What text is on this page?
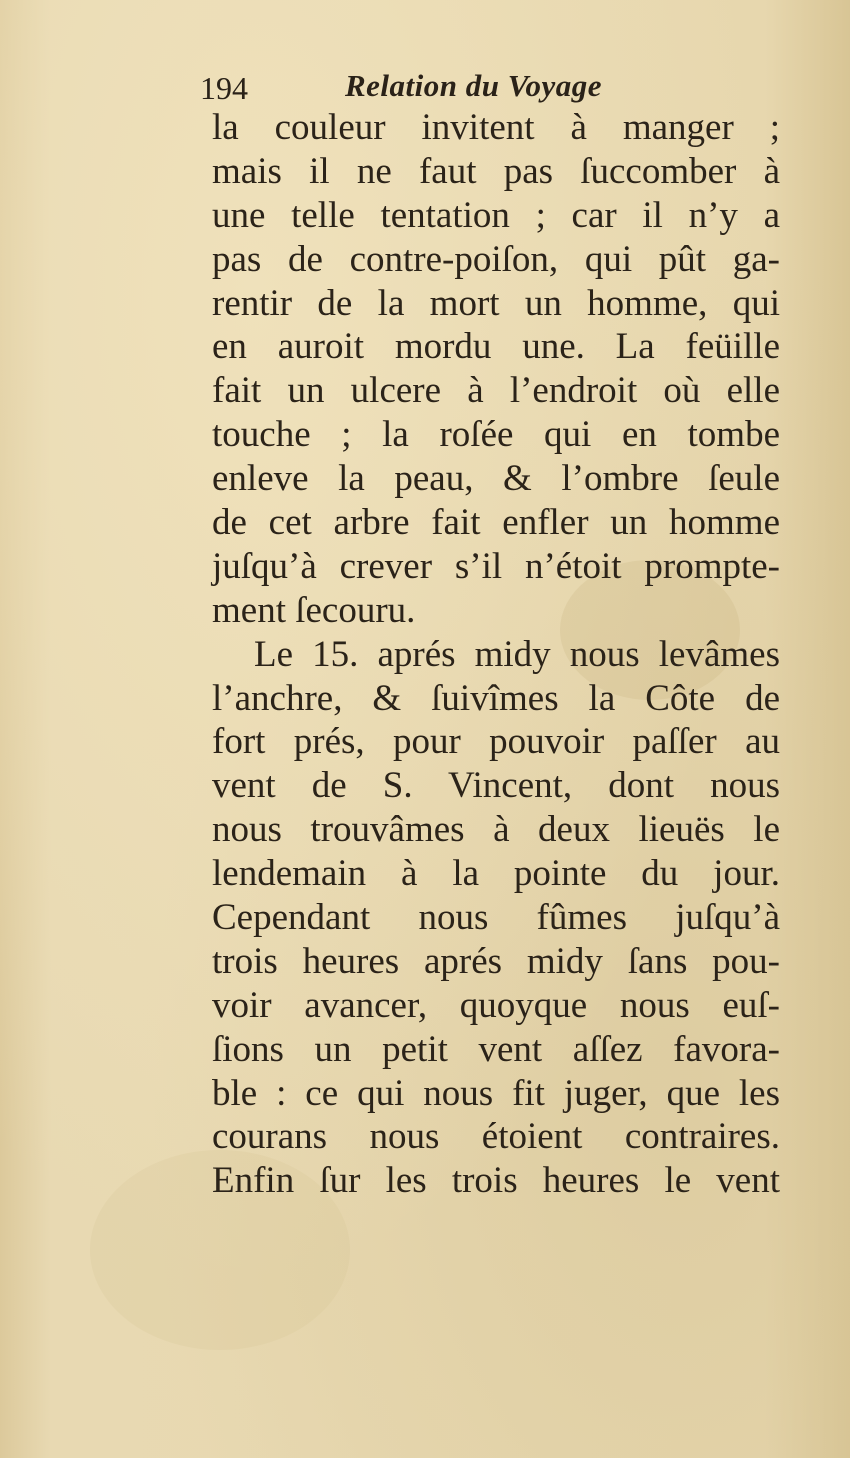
194	Relation du Voyage
la couleur invitent à manger ;
mais il ne faut pas ſuccomber à
une telle tentation ; car il n’y a
pas de contre-poiſon, qui pût ga-
rentir de la mort un homme, qui
en auroit mordu une. La feüille
fait un ulcere à l’endroit où elle
touche ; la roſée qui en tombe
enleve la peau, & l’ombre ſeule
de cet arbre fait enfler un homme
juſqu’à crever s’il n’étoit prompte-
ment ſecouru.
Le 15. aprés midy nous levâmes
l’anchre, & ſuivîmes la Côte de
fort prés, pour pouvoir paſſer au
vent de S. Vincent, dont nous
nous trouvâmes à deux lieuës le
lendemain à la pointe du jour.
Cependant nous fûmes juſqu’à
trois heures aprés midy ſans pou-
voir avancer, quoyque nous euſ-
ſions un petit vent aſſez favora-
ble : ce qui nous fit juger, que les
courans nous étoient contraires.
Enfin ſur les trois heures le vent
